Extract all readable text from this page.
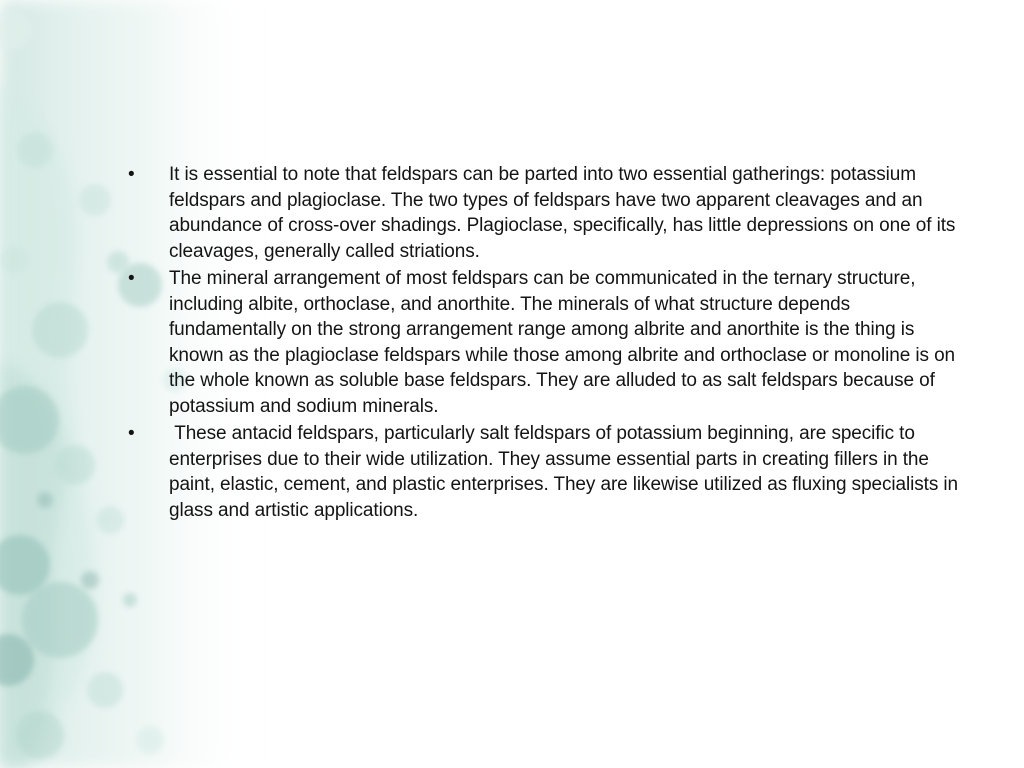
•	It is essential to note that feldspars can be parted into two essential gatherings: potassium feldspars and plagioclase. The two types of feldspars have two apparent cleavages and an abundance of cross-over shadings. Plagioclase, specifically, has little depressions on one of its cleavages, generally called striations.
•	The mineral arrangement of most feldspars can be communicated in the ternary structure, including albite, orthoclase, and anorthite. The minerals of what structure depends fundamentally on the strong arrangement range among albrite and anorthite is the thing is known as the plagioclase feldspars while those among albrite and orthoclase or monoline is on the whole known as soluble base feldspars. They are alluded to as salt feldspars because of potassium and sodium minerals.
•	These antacid feldspars, particularly salt feldspars of potassium beginning, are specific to enterprises due to their wide utilization. They assume essential parts in creating fillers in the paint, elastic, cement, and plastic enterprises. They are likewise utilized as fluxing specialists in glass and artistic applications.
